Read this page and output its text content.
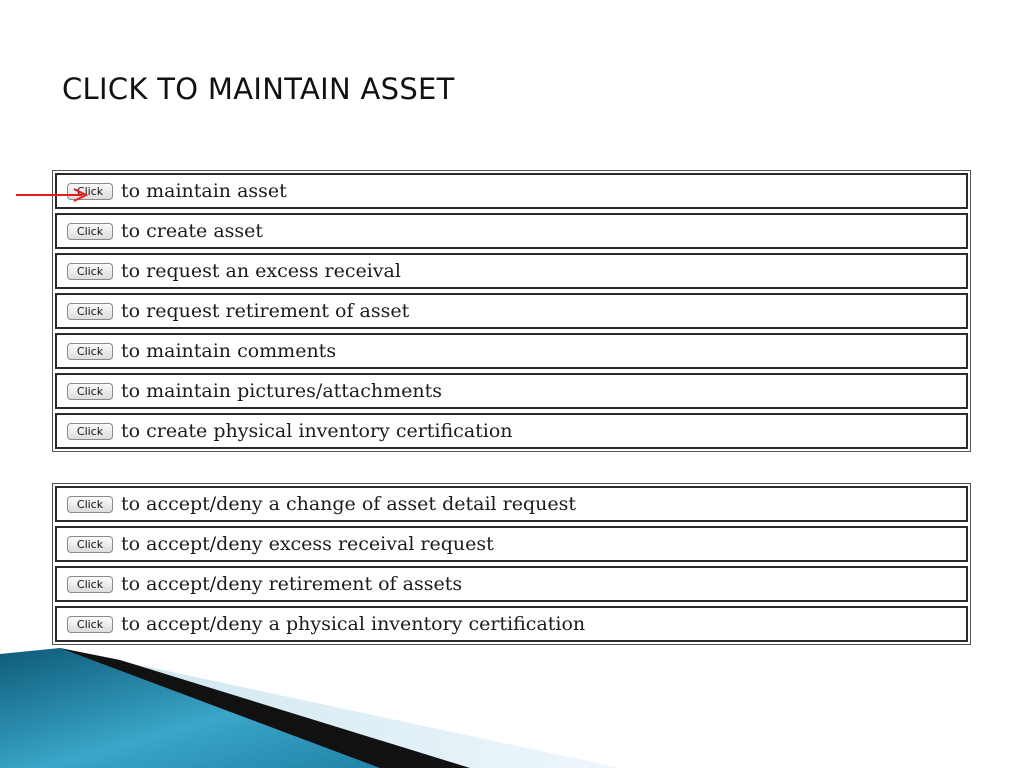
CLICK TO MAINTAIN ASSET
Click to maintain asset
Click to create asset
Click to request an excess receival
Click to request retirement of asset
Click to maintain comments
Click to maintain pictures/attachments
Click to create physical inventory certification
Click to accept/deny a change of asset detail request
Click to accept/deny excess receival request
Click to accept/deny retirement of assets
Click to accept/deny a physical inventory certification
